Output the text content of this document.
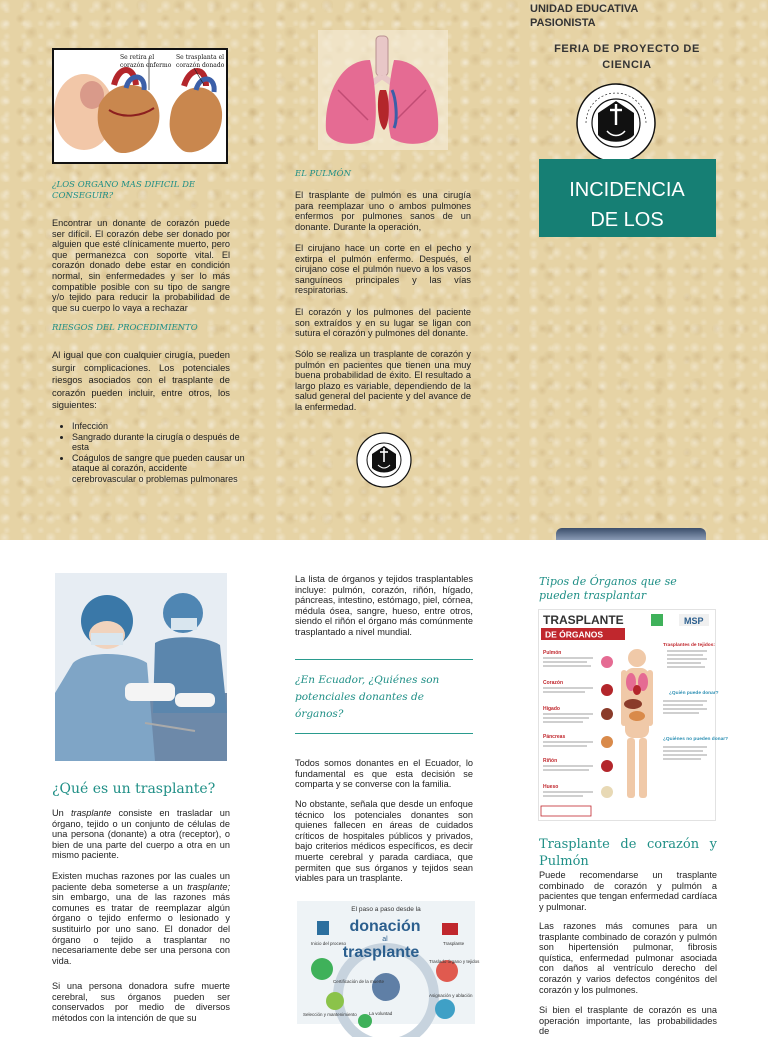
Se retira el
corazón enfermo
Se trasplanta el
corazón donado
¿LOS ORGANO MAS DIFICIL DE CONSEGUIR?

Encontrar un donante de corazón puede ser difícil. El corazón debe ser donado por alguien que esté clínicamente muerto, pero que permanezca con soporte vital. El corazón donado debe estar en condición normal, sin enfermedades y ser lo más compatible posible con su tipo de sangre y/o tejido para reducir la probabilidad de que su cuerpo lo vaya a rechazar

RIESGOS DEL PROCEDIMIENTO

Al igual que con cualquier cirugía, pueden surgir complicaciones. Los potenciales riesgos asociados con el trasplante de corazón pueden incluir, entre otros, los siguientes:

• Infección
• Sangrado durante la cirugía o después de esta
• Coágulos de sangre que pueden causar un ataque al corazón, accidente cerebrovascular o problemas pulmonares
EL PULMÓN

El trasplante de pulmón es una cirugía para reemplazar uno o ambos pulmones enfermos por pulmones sanos de un donante. Durante la operación,

El cirujano hace un corte en el pecho y extirpa el pulmón enfermo. Después, el cirujano cose el pulmón nuevo a los vasos sanguíneos principales y las vías respiratorias.

El corazón y los pulmones del paciente son extraídos y en su lugar se ligan con sutura el corazón y pulmones del donante.

Sólo se realiza un trasplante de corazón y pulmón en pacientes que tienen una muy buena probabilidad de éxito. El resultado a largo plazo es variable, dependiendo de la salud general del paciente y del avance de la enfermedad.

UNIDAD EDUCATIVA PASIONISTA
FERIA DE PROYECTO DE CIENCIA
INCIDENCIA DE LOS
¿Qué es un trasplante?

Un trasplante consiste en trasladar un órgano, tejido o un conjunto de células de una persona (donante) a otra (receptor), o bien de una parte del cuerpo a otra en un mismo paciente.

Existen muchas razones por las cuales un paciente deba someterse a un trasplante; sin embargo, una de las razones más comunes es tratar de reemplazar algún órgano o tejido enfermo o lesionado y sustituirlo por uno sano. El donador del órgano o tejido a trasplantar no necesariamente debe ser una persona con vida.

Si una persona donadora sufre muerte cerebral, sus órganos pueden ser conservados por medio de diversos métodos con la intención de que su

La lista de órganos y tejidos trasplantables incluye: pulmón, corazón, riñón, hígado, páncreas, intestino, estómago, piel, córnea, médula ósea, sangre, hueso, entre otros, siendo el riñón el órgano más comúnmente trasplantado a nivel mundial.

¿En Ecuador, ¿Quiénes son potenciales donantes de órganos?

Todos somos donantes en el Ecuador, lo fundamental es que esta decisión se comparta y se converse con la familia.

No obstante, señala que desde un enfoque técnico los potenciales donantes son quienes fallecen en áreas de cuidados críticos de hospitales públicos y privados, bajo criterios médicos específicos, es decir muerte cerebral y parada cardiaca, que permiten que sus órganos y tejidos sean viables para un trasplante.

El paso a paso desde la
donación
al
trasplante
Inicio del proceso	Trasplante
Traslado órgano y tejidos
Certificación de la muerte
La voluntad
Selección y mantenimiento
Asignación y ablación
Tipos de Órganos que se pueden trasplantar
TRASPLANTE
DE ÓRGANOS
MSP
Pulmón
Corazón
Hígado
Páncreas
Riñón
Hueso
Trasplantes de tejidos:
¿Quién puede donar?
¿Quiénes no pueden donar?
Trasplante de corazón y Pulmón

Puede recomendarse un trasplante combinado de corazón y pulmón a pacientes que tengan enfermedad cardíaca y pulmonar.

Las razones más comunes para un trasplante combinado de corazón y pulmón son hipertensión pulmonar, fibrosis quística, enfermedad pulmonar asociada con daños al ventrículo derecho del corazón y varios defectos congénitos del corazón y los pulmones.

Si bien el trasplante de corazón es una operación importante, las probabilidades de
